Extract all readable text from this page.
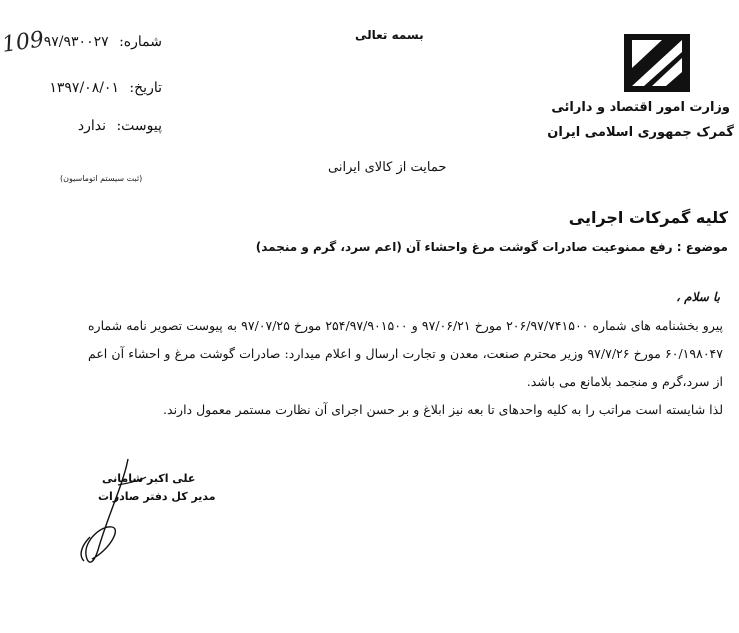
109	شماره: ۹۷/۹۳۰۰۲۷
تاریخ: ۱۳۹۷/۰۸/۰۱
پیوست: ندارد
(ثبت سیستم اتوماسیون)
بسمه تعالی
وزارت امور اقتصاد و دارائی
گمرک جمهوری اسلامی ایران
حمایت از کالای ایرانی
کلیه گمرکات اجرایی
موضوع : رفع ممنوعیت صادرات گوشت مرغ واحشاء آن (اعم سرد، گرم و منجمد)
با سلام ،

پیرو بخشنامه های شماره ۲۰۶/۹۷/۷۴۱۵۰۰ مورخ ۹۷/۰۶/۲۱ و ۲۵۴/۹۷/۹۰۱۵۰۰ مورخ ۹۷/۰۷/۲۵ به پیوست تصویر نامه شماره ۶۰/۱۹۸۰۴۷ مورخ ۹۷/۷/۲۶ وزیر محترم صنعت، معدن و تجارت ارسال و اعلام میدارد: صادرات گوشت مرغ و احشاء آن اعم از سرد،گرم و منجمد بلامانع می باشد.

لذا شایسته است مراتب را به کلیه واحدهای تا بعه نیز ابلاغ و بر حسن اجرای آن نظارت مستمر معمول دارند.

علی اکبر شامانی
مدیر کل دفتر صادرات
